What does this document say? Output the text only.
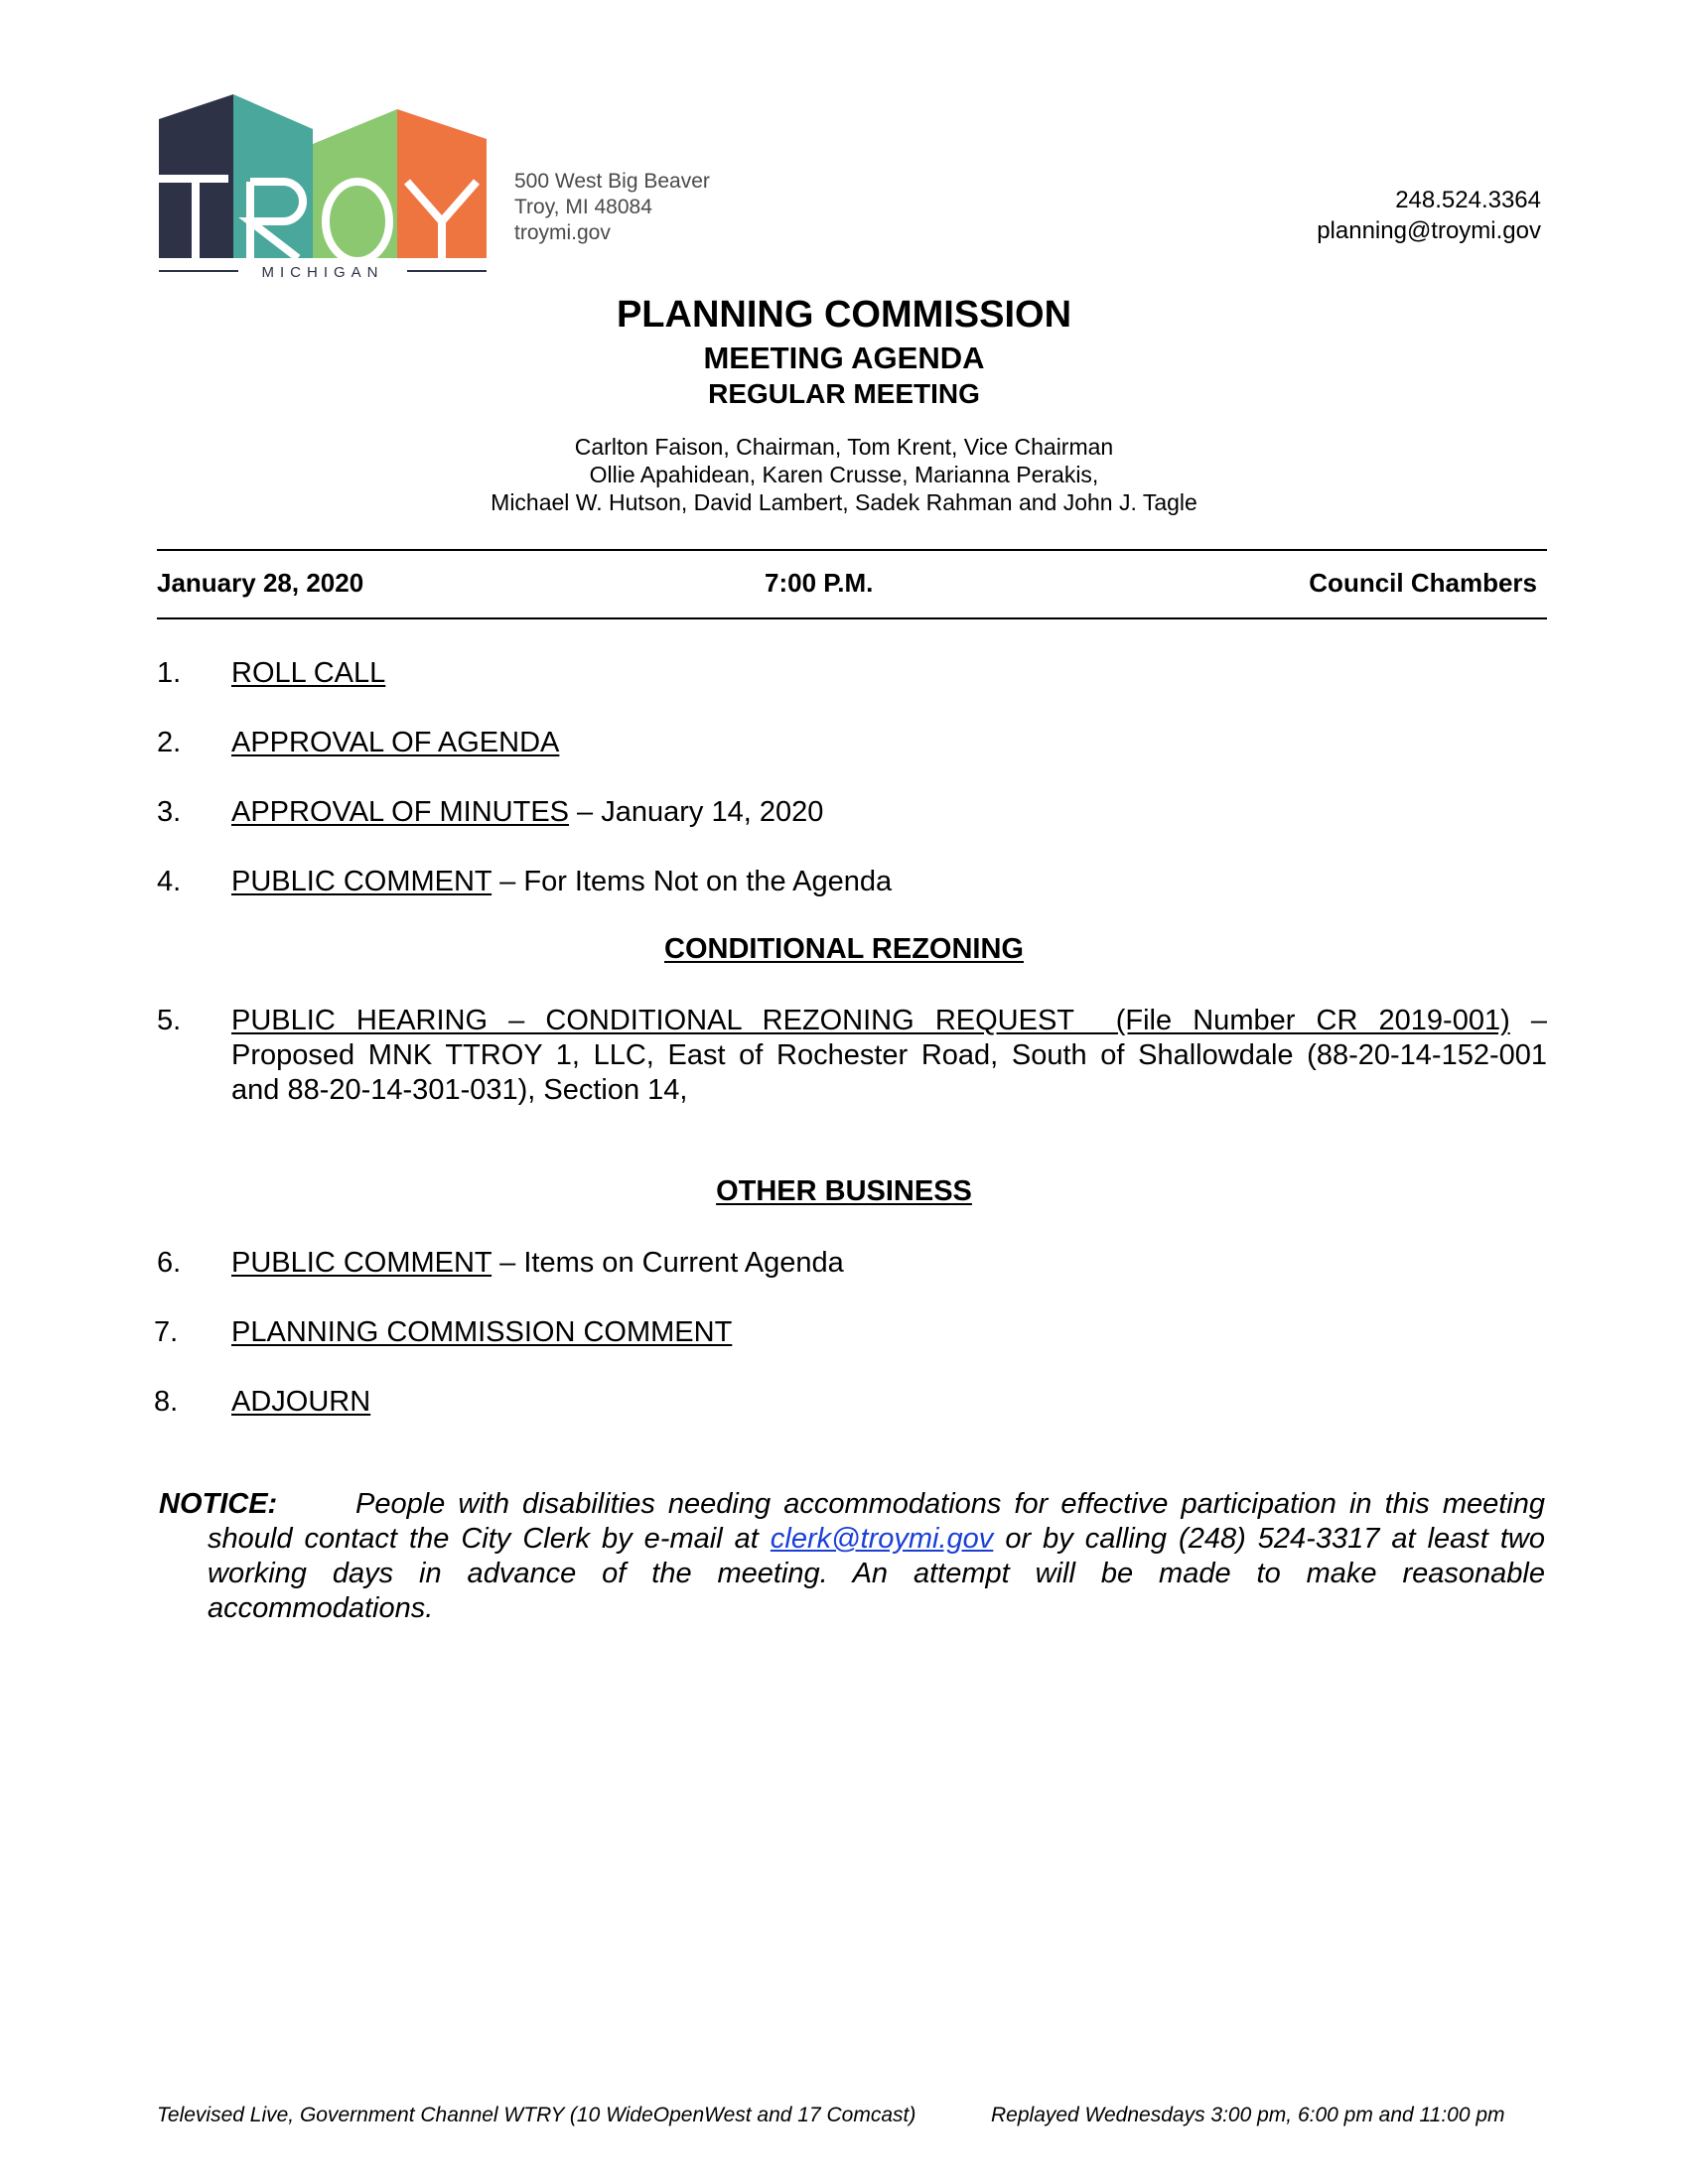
MICHIGAN
500 West Big Beaver
Troy, MI 48084
troymi.gov
248.524.3364
planning@troymi.gov
PLANNING COMMISSION
MEETING AGENDA
REGULAR MEETING
Carlton Faison, Chairman, Tom Krent, Vice Chairman
Ollie Apahidean, Karen Crusse, Marianna Perakis,
Michael W. Hutson, David Lambert, Sadek Rahman and John J. Tagle
January 28, 2020	7:00 P.M.	Council Chambers
1.	ROLL CALL
2.	APPROVAL OF AGENDA
3.	APPROVAL OF MINUTES – January 14, 2020
4.	PUBLIC COMMENT – For Items Not on the Agenda
CONDITIONAL REZONING
5.	PUBLIC HEARING – CONDITIONAL REZONING REQUEST  (File Number CR 2019-001) –
Proposed MNK TTROY 1, LLC, East of Rochester Road, South of Shallowdale (88-20-14-152-001
and 88-20-14-301-031), Section 14,
OTHER BUSINESS
6.	PUBLIC COMMENT – Items on Current Agenda
7.	PLANNING COMMISSION COMMENT
8.	ADJOURN
NOTICE:	People with disabilities needing accommodations for effective participation in this meeting
should contact the City Clerk by e-mail at clerk@troymi.gov or by calling (248) 524-3317 at least two
working days in advance of the meeting. An attempt will be made to make reasonable
accommodations.
Televised Live, Government Channel WTRY (10 WideOpenWest and 17 Comcast)	Replayed Wednesdays 3:00 pm, 6:00 pm and 11:00 pm
